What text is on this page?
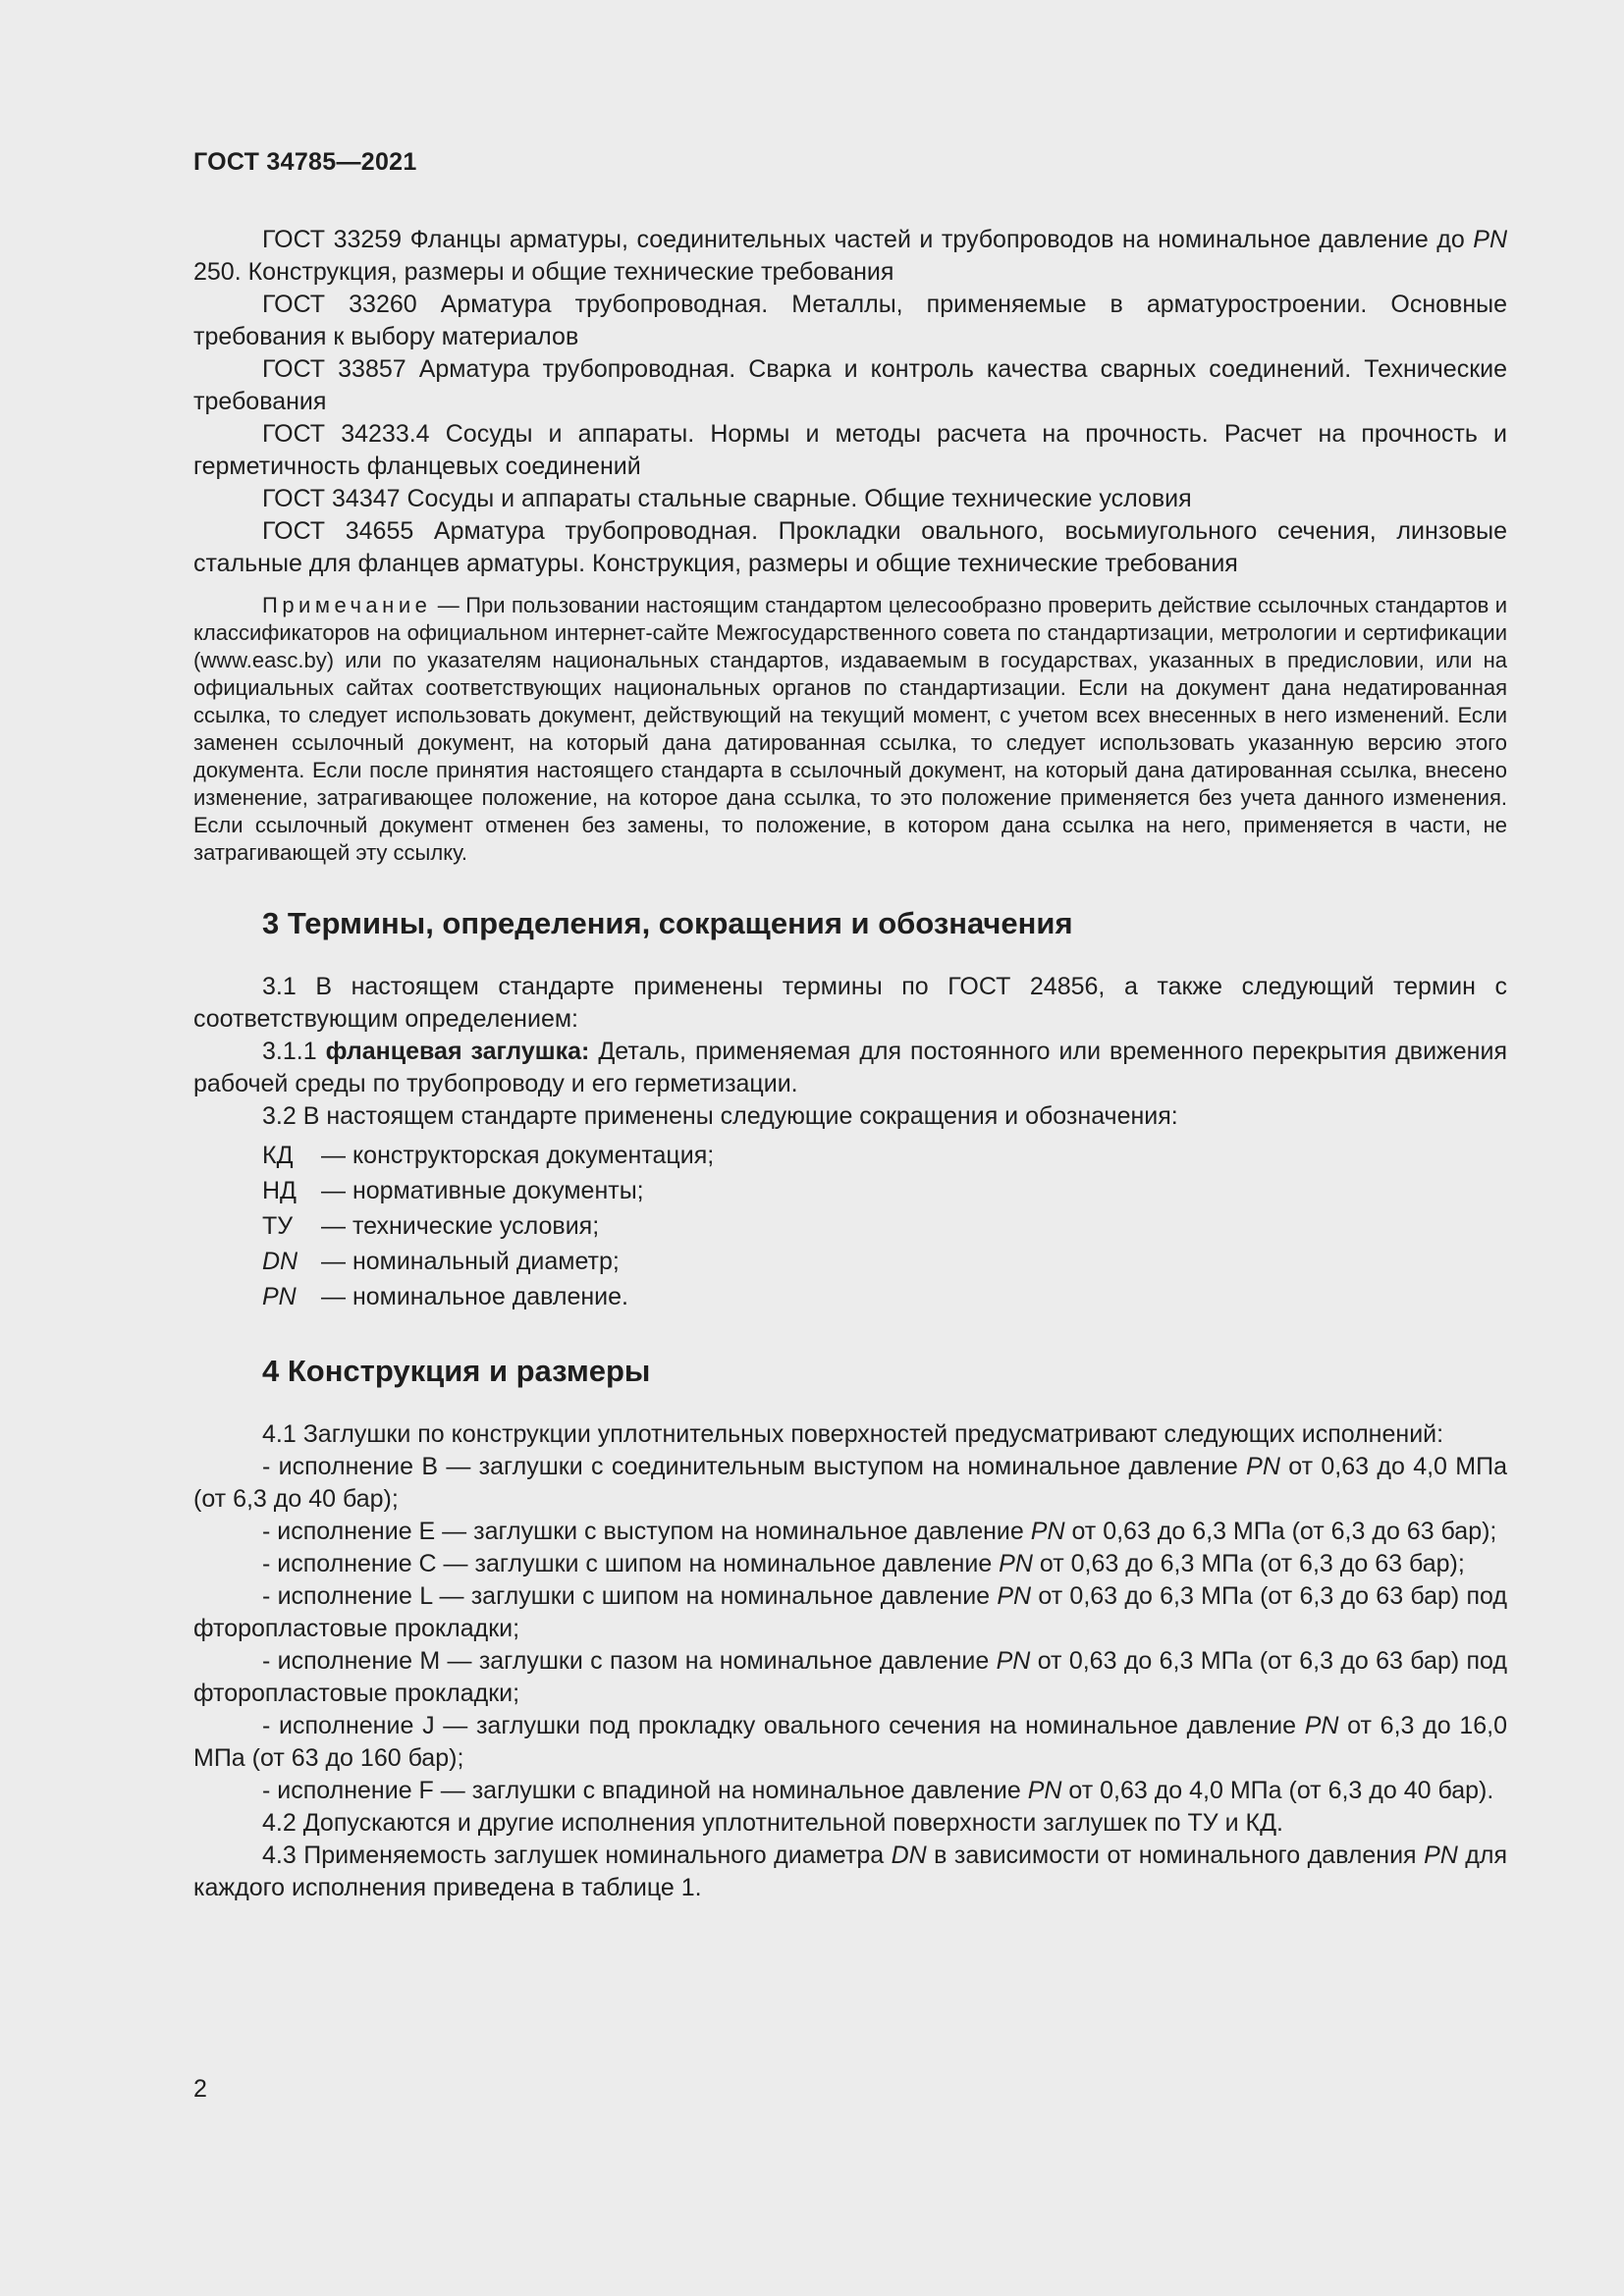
ГОСТ 34785—2021

ГОСТ 33259 Фланцы арматуры, соединительных частей и трубопроводов на номинальное давление до PN 250. Конструкция, размеры и общие технические требования

ГОСТ 33260 Арматура трубопроводная. Металлы, применяемые в арматуростроении. Основные требования к выбору материалов

ГОСТ 33857 Арматура трубопроводная. Сварка и контроль качества сварных соединений. Технические требования

ГОСТ 34233.4 Сосуды и аппараты. Нормы и методы расчета на прочность. Расчет на прочность и герметичность фланцевых соединений

ГОСТ 34347 Сосуды и аппараты стальные сварные. Общие технические условия

ГОСТ 34655 Арматура трубопроводная. Прокладки овального, восьмиугольного сечения, линзовые стальные для фланцев арматуры. Конструкция, размеры и общие технические требования

Примечание — При пользовании настоящим стандартом целесообразно проверить действие ссылочных стандартов и классификаторов на официальном интернет-сайте Межгосударственного совета по стандартизации, метрологии и сертификации (www.easc.by) или по указателям национальных стандартов, издаваемым в государствах, указанных в предисловии, или на официальных сайтах соответствующих национальных органов по стандартизации. Если на документ дана недатированная ссылка, то следует использовать документ, действующий на текущий момент, с учетом всех внесенных в него изменений. Если заменен ссылочный документ, на который дана датированная ссылка, то следует использовать указанную версию этого документа. Если после принятия настоящего стандарта в ссылочный документ, на который дана датированная ссылка, внесено изменение, затрагивающее положение, на которое дана ссылка, то это положение применяется без учета данного изменения. Если ссылочный документ отменен без замены, то положение, в котором дана ссылка на него, применяется в части, не затрагивающей эту ссылку.

3 Термины, определения, сокращения и обозначения

3.1 В настоящем стандарте применены термины по ГОСТ 24856, а также следующий термин с соответствующим определением:

3.1.1 фланцевая заглушка: Деталь, применяемая для постоянного или временного перекрытия движения рабочей среды по трубопроводу и его герметизации.

3.2 В настоящем стандарте применены следующие сокращения и обозначения:

КД	— конструкторская документация;
НД	— нормативные документы;
ТУ	— технические условия;
DN — номинальный диаметр;
PN	— номинальное давление.
4 Конструкция и размеры

4.1 Заглушки по конструкции уплотнительных поверхностей предусматривают следующих исполнений:

- исполнение B — заглушки с соединительным выступом на номинальное давление PN от 0,63 до 4,0 МПа (от 6,3 до 40 бар);

- исполнение E — заглушки с выступом на номинальное давление PN от 0,63 до 6,3 МПа (от 6,3 до 63 бар);

- исполнение C — заглушки с шипом на номинальное давление PN от 0,63 до 6,3 МПа (от 6,3 до 63 бар);

- исполнение L — заглушки с шипом на номинальное давление PN от 0,63 до 6,3 МПа (от 6,3 до 63 бар) под фторопластовые прокладки;

- исполнение M — заглушки с пазом на номинальное давление PN от 0,63 до 6,3 МПа (от 6,3 до 63 бар) под фторопластовые прокладки;

- исполнение J — заглушки под прокладку овального сечения на номинальное давление PN от 6,3 до 16,0 МПа (от 63 до 160 бар);

- исполнение F — заглушки с впадиной на номинальное давление PN от 0,63 до 4,0 МПа (от 6,3 до 40 бар).

4.2 Допускаются и другие исполнения уплотнительной поверхности заглушек по ТУ и КД.

4.3 Применяемость заглушек номинального диаметра DN в зависимости от номинального давления PN для каждого исполнения приведена в таблице 1.

2
